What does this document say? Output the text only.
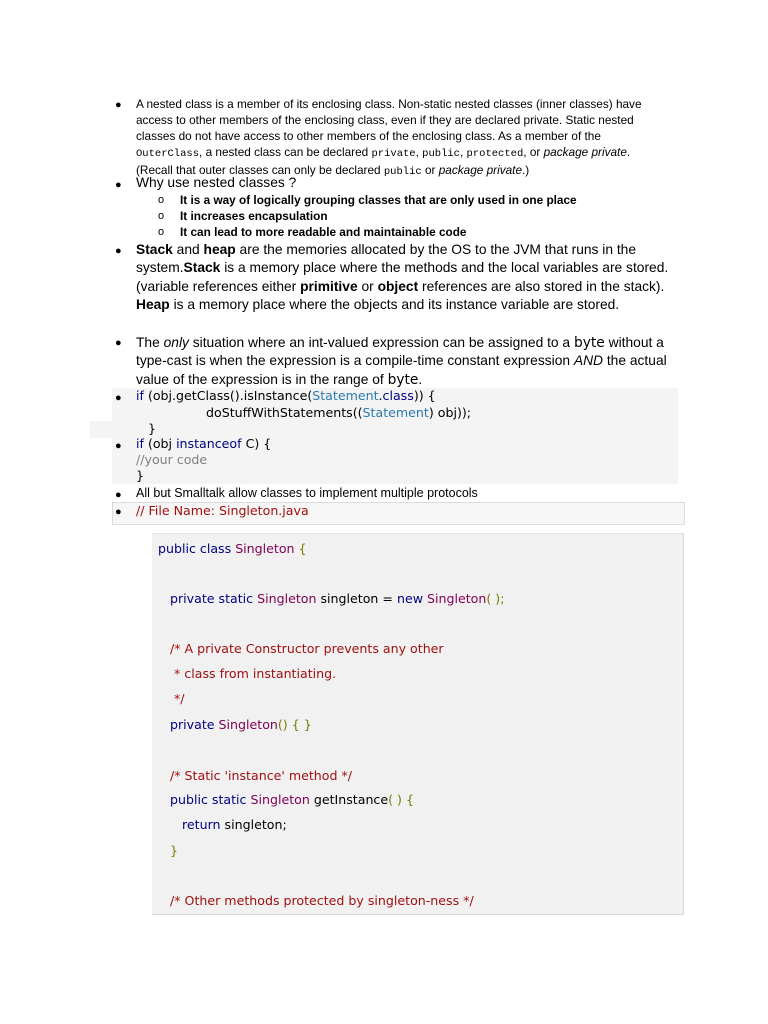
● A nested class is a member of its enclosing class. Non-static nested classes (inner classes) have access to other members of the enclosing class, even if they are declared private. Static nested classes do not have access to other members of the enclosing class. As a member of the OuterClass, a nested class can be declared private, public, protected, or package private. (Recall that outer classes can only be declared public or package private.)
● Why use nested classes ?
o It is a way of logically grouping classes that are only used in one place
o It increases encapsulation
o It can lead to more readable and maintainable code
● Stack and heap are the memories allocated by the OS to the JVM that runs in the system.Stack is a memory place where the methods and the local variables are stored. (variable references either primitive or object references are also stored in the stack). Heap is a memory place where the objects and its instance variable are stored.
● The only situation where an int-valued expression can be assigned to a byte without a type-cast is when the expression is a compile-time constant expression AND the actual value of the expression is in the range of byte.
● if (obj.getClass().isInstance(Statement.class)) {
doStuffWithStatements((Statement) obj));
}
● if (obj instanceof C) {
//your code
}
● All but Smalltalk allow classes to implement multiple protocols
● // File Name: Singleton.java
public class Singleton {
private static Singleton singleton = new Singleton( );
/* A private Constructor prevents any other
* class from instantiating.
*/
private Singleton() { }
/* Static 'instance' method */
public static Singleton getInstance( ) {
return singleton;
}
/* Other methods protected by singleton-ness */
